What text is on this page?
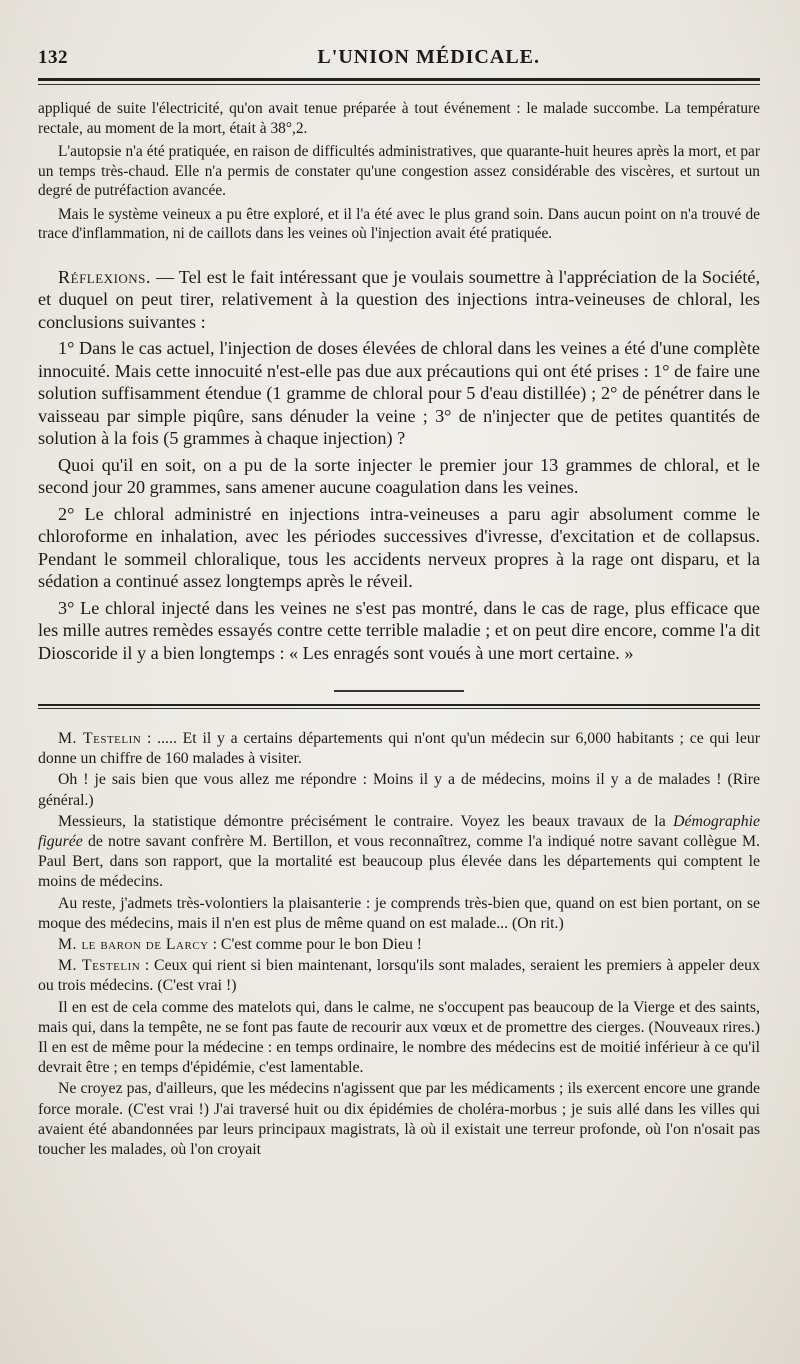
132	L'UNION MÉDICALE.

appliqué de suite l'électricité, qu'on avait tenue préparée à tout événement : le malade succombe. La température rectale, au moment de la mort, était à 38°,2.

L'autopsie n'a été pratiquée, en raison de difficultés administratives, que quarante-huit heures après la mort, et par un temps très-chaud. Elle n'a permis de constater qu'une congestion assez considérable des viscères, et surtout un degré de putréfaction avancée.

Mais le système veineux a pu être exploré, et il l'a été avec le plus grand soin. Dans aucun point on n'a trouvé de trace d'inflammation, ni de caillots dans les veines où l'injection avait été pratiquée.

Réflexions. — Tel est le fait intéressant que je voulais soumettre à l'appréciation de la Société, et duquel on peut tirer, relativement à la question des injections intra-veineuses de chloral, les conclusions suivantes :

1° Dans le cas actuel, l'injection de doses élevées de chloral dans les veines a été d'une complète innocuité. Mais cette innocuité n'est-elle pas due aux précautions qui ont été prises : 1° de faire une solution suffisamment étendue (1 gramme de chloral pour 5 d'eau distillée) ; 2° de pénétrer dans le vaisseau par simple piqûre, sans dénuder la veine ; 3° de n'injecter que de petites quantités de solution à la fois (5 grammes à chaque injection) ?

Quoi qu'il en soit, on a pu de la sorte injecter le premier jour 13 grammes de chloral, et le second jour 20 grammes, sans amener aucune coagulation dans les veines.

2° Le chloral administré en injections intra-veineuses a paru agir absolument comme le chloroforme en inhalation, avec les périodes successives d'ivresse, d'excitation et de collapsus. Pendant le sommeil chloralique, tous les accidents nerveux propres à la rage ont disparu, et la sédation a continué assez longtemps après le réveil.

3° Le chloral injecté dans les veines ne s'est pas montré, dans le cas de rage, plus efficace que les mille autres remèdes essayés contre cette terrible maladie ; et on peut dire encore, comme l'a dit Dioscoride il y a bien longtemps : « Les enragés sont voués à une mort certaine. »

M. Testelin : ..... Et il y a certains départements qui n'ont qu'un médecin sur 6,000 habitants ; ce qui leur donne un chiffre de 160 malades à visiter.

Oh ! je sais bien que vous allez me répondre : Moins il y a de médecins, moins il y a de malades ! (Rire général.)

Messieurs, la statistique démontre précisément le contraire. Voyez les beaux travaux de la Démographie figurée de notre savant confrère M. Bertillon, et vous reconnaîtrez, comme l'a indiqué notre savant collègue M. Paul Bert, dans son rapport, que la mortalité est beaucoup plus élevée dans les départements qui comptent le moins de médecins.

Au reste, j'admets très-volontiers la plaisanterie : je comprends très-bien que, quand on est bien portant, on se moque des médecins, mais il n'en est plus de même quand on est malade... (On rit.)

M. le baron de Larcy : C'est comme pour le bon Dieu !

M. Testelin : Ceux qui rient si bien maintenant, lorsqu'ils sont malades, seraient les premiers à appeler deux ou trois médecins. (C'est vrai !)

Il en est de cela comme des matelots qui, dans le calme, ne s'occupent pas beaucoup de la Vierge et des saints, mais qui, dans la tempête, ne se font pas faute de recourir aux vœux et de promettre des cierges. (Nouveaux rires.) Il en est de même pour la médecine : en temps ordinaire, le nombre des médecins est de moitié inférieur à ce qu'il devrait être ; en temps d'épidémie, c'est lamentable.

Ne croyez pas, d'ailleurs, que les médecins n'agissent que par les médicaments ; ils exercent encore une grande force morale. (C'est vrai !) J'ai traversé huit ou dix épidémies de choléra-morbus ; je suis allé dans les villes qui avaient été abandonnées par leurs principaux magistrats, là où il existait une terreur profonde, où l'on n'osait pas toucher les malades, où l'on croyait
